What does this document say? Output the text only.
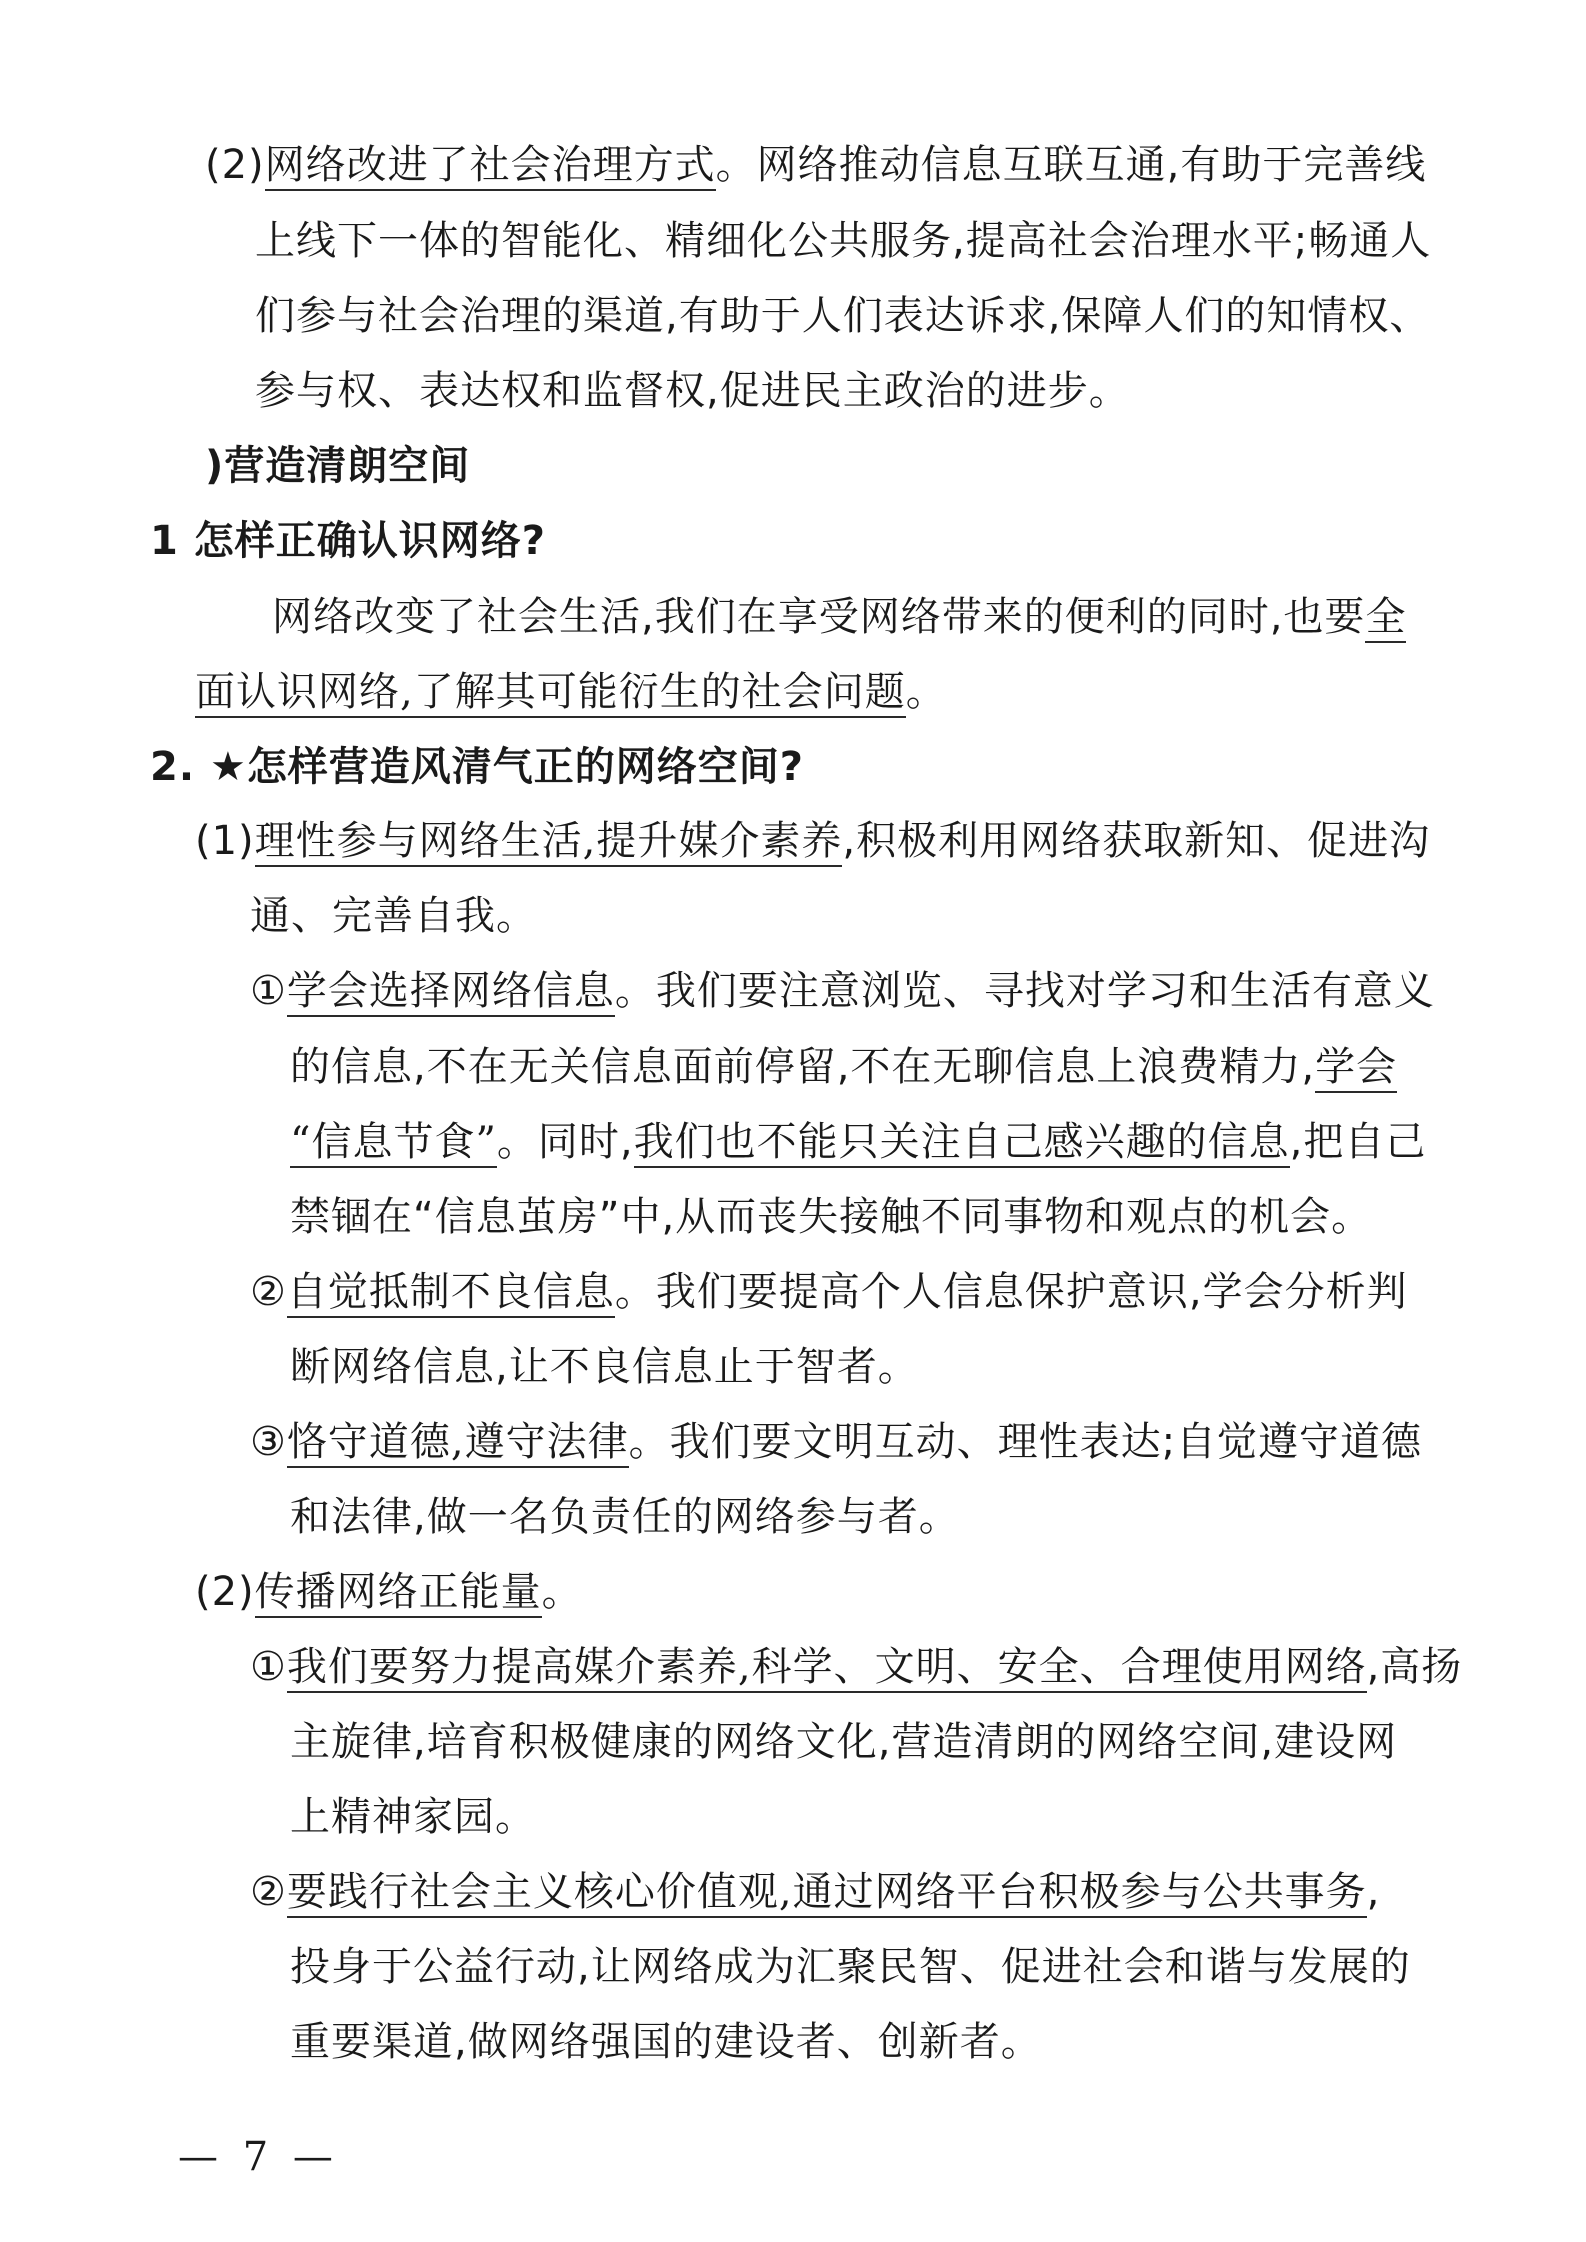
(2)网络改进了社会治理方式。网络推动信息互联互通,有助于完善线

上线下一体的智能化、精细化公共服务,提高社会治理水平;畅通人

们参与社会治理的渠道,有助于人们表达诉求,保障人们的知情权、

参与权、表达权和监督权,促进民主政治的进步。

)营造清朗空间

1 怎样正确认识网络?

网络改变了社会生活,我们在享受网络带来的便利的同时,也要全

面认识网络,了解其可能衍生的社会问题。

2. ★怎样营造风清气正的网络空间?

(1)理性参与网络生活,提升媒介素养,积极利用网络获取新知、促进沟

通、完善自我。

①学会选择网络信息。我们要注意浏览、寻找对学习和生活有意义

的信息,不在无关信息面前停留,不在无聊信息上浪费精力,学会

“信息节食”。同时,我们也不能只关注自己感兴趣的信息,把自己

禁锢在“信息茧房”中,从而丧失接触不同事物和观点的机会。

②自觉抵制不良信息。我们要提高个人信息保护意识,学会分析判

断网络信息,让不良信息止于智者。

③恪守道德,遵守法律。我们要文明互动、理性表达;自觉遵守道德

和法律,做一名负责任的网络参与者。

(2)传播网络正能量。

①我们要努力提高媒介素养,科学、文明、安全、合理使用网络,高扬

主旋律,培育积极健康的网络文化,营造清朗的网络空间,建设网

上精神家园。

②要践行社会主义核心价值观,通过网络平台积极参与公共事务,

投身于公益行动,让网络成为汇聚民智、促进社会和谐与发展的

重要渠道,做网络强国的建设者、创新者。

— 7 —
